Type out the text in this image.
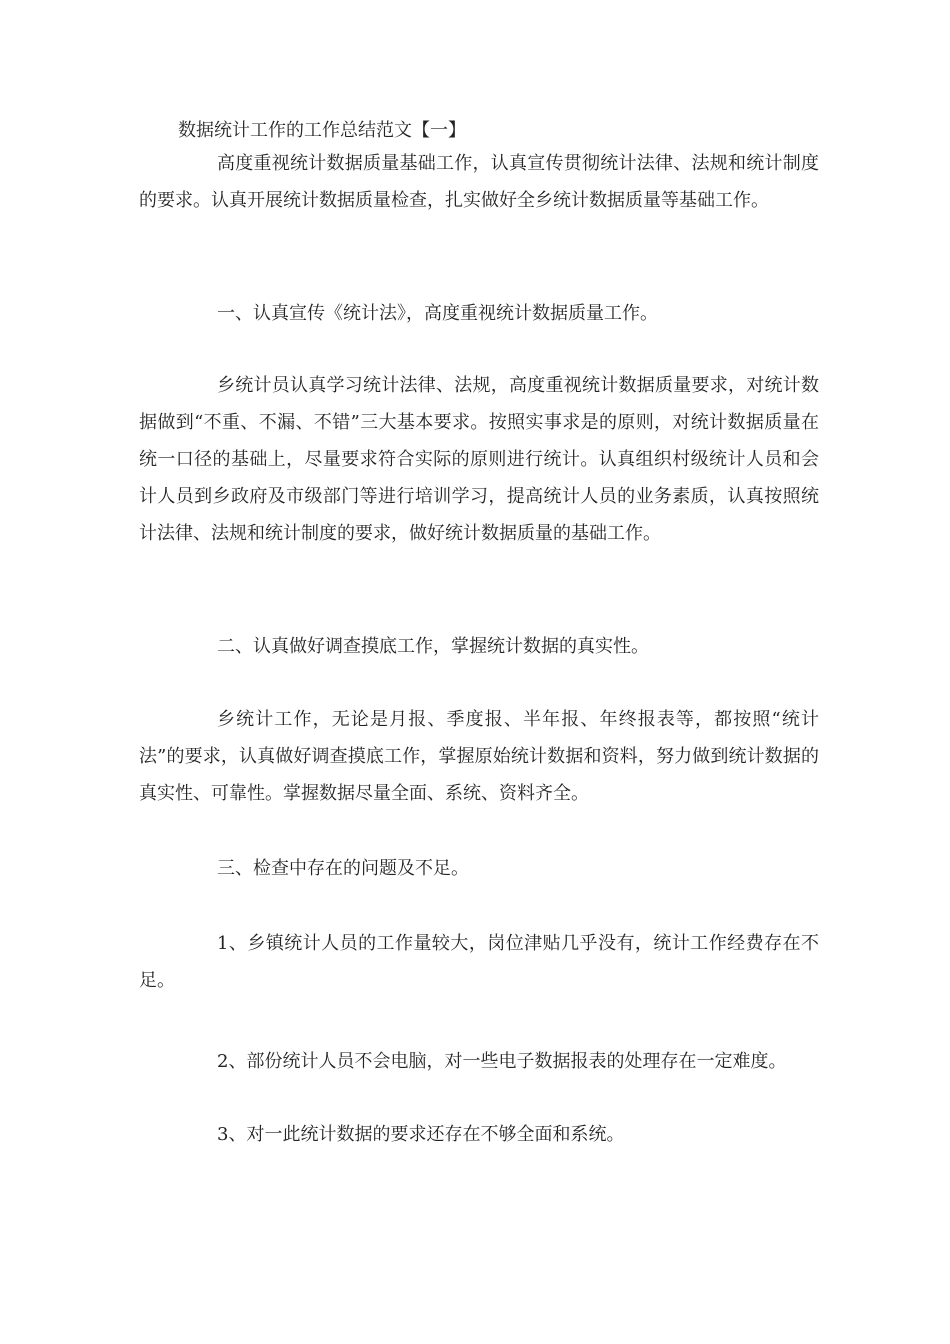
数据统计工作的工作总结范文【一】
高度重视统计数据质量基础工作，认真宣传贯彻统计法律、法规和统计制度的要求。认真开展统计数据质量检查，扎实做好全乡统计数据质量等基础工作。
一、认真宣传《统计法》，高度重视统计数据质量工作。
乡统计员认真学习统计法律、法规，高度重视统计数据质量要求，对统计数据做到“不重、不漏、不错”三大基本要求。按照实事求是的原则，对统计数据质量在统一口径的基础上，尽量要求符合实际的原则进行统计。认真组织村级统计人员和会计人员到乡政府及市级部门等进行培训学习，提高统计人员的业务素质，认真按照统计法律、法规和统计制度的要求，做好统计数据质量的基础工作。
二、认真做好调查摸底工作，掌握统计数据的真实性。
乡统计工作，无论是月报、季度报、半年报、年终报表等，都按照“统计法”的要求，认真做好调查摸底工作，掌握原始统计数据和资料，努力做到统计数据的真实性、可靠性。掌握数据尽量全面、系统、资料齐全。
三、检查中存在的问题及不足。
1、乡镇统计人员的工作量较大，岗位津贴几乎没有，统计工作经费存在不足。
2、部份统计人员不会电脑，对一些电子数据报表的处理存在一定难度。
3、对一此统计数据的要求还存在不够全面和系统。
